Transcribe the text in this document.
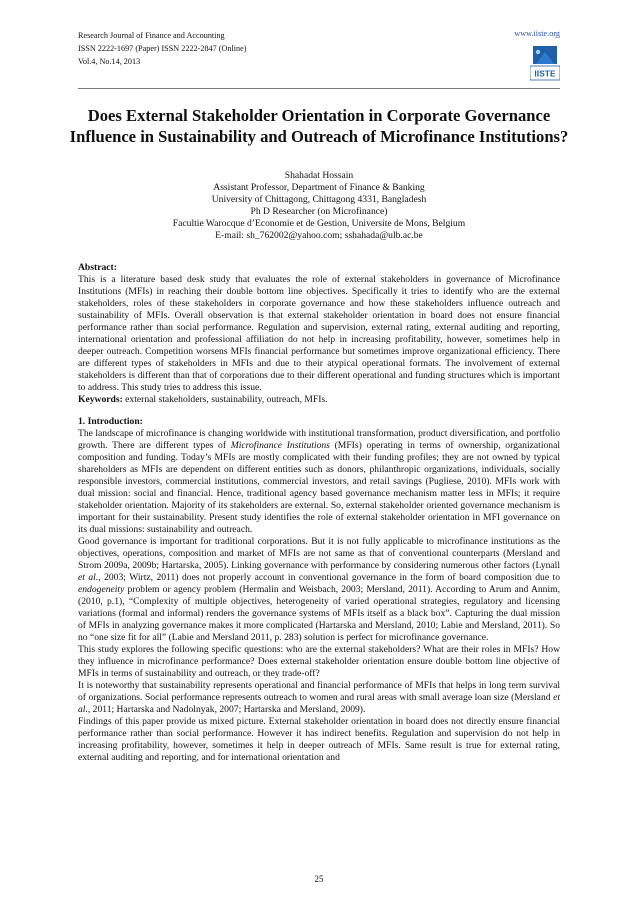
Research Journal of Finance and Accounting
ISSN 2222-1697 (Paper) ISSN 2222-2847 (Online)
Vol.4, No.14, 2013
www.iiste.org
IISTE
Does External Stakeholder Orientation in Corporate Governance Influence in Sustainability and Outreach of Microfinance Institutions?
Shahadat Hossain
Assistant Professor, Department of Finance & Banking
University of Chittagong, Chittagong 4331, Bangladesh
Ph D Researcher (on Microfinance)
Facultie Warocque d’Economie et de Gestion, Universite de Mons, Belgium
E-mail: sh_762002@yahoo.com; sshahada@ulb.ac.be

Abstract:

This is a literature based desk study that evaluates the role of external stakeholders in governance of Microfinance Institutions (MFIs) in reaching their double bottom line objectives. Specifically it tries to identify who are the external stakeholders, roles of these stakeholders in corporate governance and how these stakeholders influence outreach and sustainability of MFIs. Overall observation is that external stakeholder orientation in board does not ensure financial performance rather than social performance. Regulation and supervision, external rating, external auditing and reporting, international orientation and professional affiliation do not help in increasing profitability, however, sometimes help in deeper outreach. Competition worsens MFIs financial performance but sometimes improve organizational efficiency. There are different types of stakeholders in MFIs and due to their atypical operational formats. The involvement of external stakeholders is different than that of corporations due to their different operational and funding structures which is important to address. This study tries to address this issue.

Keywords: external stakeholders, sustainability, outreach, MFIs.

1. Introduction:

The landscape of microfinance is changing worldwide with institutional transformation, product diversification, and portfolio growth. There are different types of Microfinance Institutions (MFIs) operating in terms of ownership, organizational composition and funding. Today’s MFIs are mostly complicated with their funding profiles; they are not owned by typical shareholders as MFIs are dependent on different entities such as donors, philanthropic organizations, individuals, socially responsible investors, commercial institutions, commercial investors, and retail savings (Pugliese, 2010). MFIs work with dual mission: social and financial. Hence, traditional agency based governance mechanism matter less in MFIs; it require stakeholder orientation. Majority of its stakeholders are external. So, external stakeholder oriented governance mechanism is important for their sustainability. Present study identifies the role of external stakeholder orientation in MFI governance on its dual missions: sustainability and outreach.

Good governance is important for traditional corporations. But it is not fully applicable to microfinance institutions as the objectives, operations, composition and market of MFIs are not same as that of conventional counterparts (Mersland and Strom 2009a, 2009b; Hartarska, 2005). Linking governance with performance by considering numerous other factors (Lynall et al., 2003; Wirtz, 2011) does not properly account in conventional governance in the form of board composition due to endogeneity problem or agency problem (Hermalin and Weisbach, 2003; Mersland, 2011). According to Arum and Annim, (2010, p.1), “Complexity of multiple objectives, heterogeneity of varied operational strategies, regulatory and licensing variations (formal and informal) renders the governance systems of MFIs itself as a black box”. Capturing the dual mission of MFIs in analyzing governance makes it more complicated (Hartarska and Mersland, 2010; Labie and Mersland, 2011). So no “one size fit for all” (Labie and Mersland 2011, p. 283) solution is perfect for microfinance governance.

This study explores the following specific questions: who are the external stakeholders? What are their roles in MFIs? How they influence in microfinance performance? Does external stakeholder orientation ensure double bottom line objective of MFIs in terms of sustainability and outreach, or they trade-off?

It is noteworthy that sustainability represents operational and financial performance of MFIs that helps in long term survival of organizations. Social performance represents outreach to women and rural areas with small average loan size (Mersland et al., 2011; Hartarska and Nadolnyak, 2007; Hartarska and Mersland, 2009).

Findings of this paper provide us mixed picture. External stakeholder orientation in board does not directly ensure financial performance rather than social performance. However it has indirect benefits. Regulation and supervision do not help in increasing profitability, however, sometimes it help in deeper outreach of MFIs. Same result is true for external rating, external auditing and reporting, and for international orientation and

25
